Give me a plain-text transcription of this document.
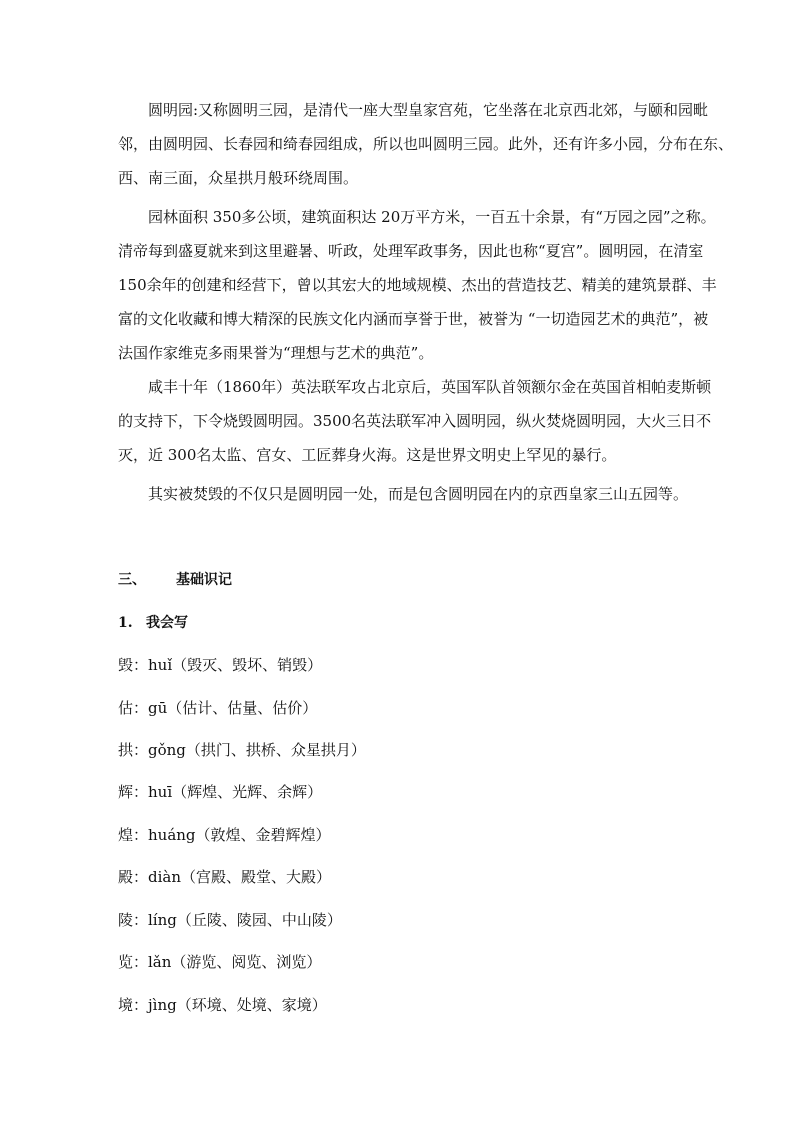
圆明园:又称圆明三园，是清代一座大型皇家宫苑，它坐落在北京西北郊，与颐和园毗
邻，由圆明园、长春园和绮春园组成，所以也叫圆明三园。此外，还有许多小园，分布在东、
西、南三面，众星拱月般环绕周围。
园林面积 350多公顷，建筑面积达 20万平方米，一百五十余景，有“万园之园”之称。
清帝每到盛夏就来到这里避暑、听政，处理军政事务，因此也称“夏宫”。圆明园，在清室
150余年的创建和经营下，曾以其宏大的地域规模、杰出的营造技艺、精美的建筑景群、丰
富的文化收藏和博大精深的民族文化内涵而享誉于世，被誉为 “一切造园艺术的典范”，被
法国作家维克多雨果誉为“理想与艺术的典范”。
咸丰十年（1860年）英法联军攻占北京后，英国军队首领额尔金在英国首相帕麦斯顿
的支持下，下令烧毁圆明园。3500名英法联军冲入圆明园，纵火焚烧圆明园，大火三日不
灭，近 300名太监、宫女、工匠葬身火海。这是世界文明史上罕见的暴行。
其实被焚毁的不仅只是圆明园一处，而是包含圆明园在内的京西皇家三山五园等。
三、 基础识记
1. 我会写
毁：huǐ（毁灭、毁坏、销毁）
估：gū（估计、估量、估价）
拱：gǒng（拱门、拱桥、众星拱月）
辉：huī（辉煌、光辉、余辉）
煌：huáng（敦煌、金碧辉煌）
殿：diàn（宫殿、殿堂、大殿）
陵：líng（丘陵、陵园、中山陵）
览：lǎn（游览、阅览、浏览）
境：jìng（环境、处境、家境）
